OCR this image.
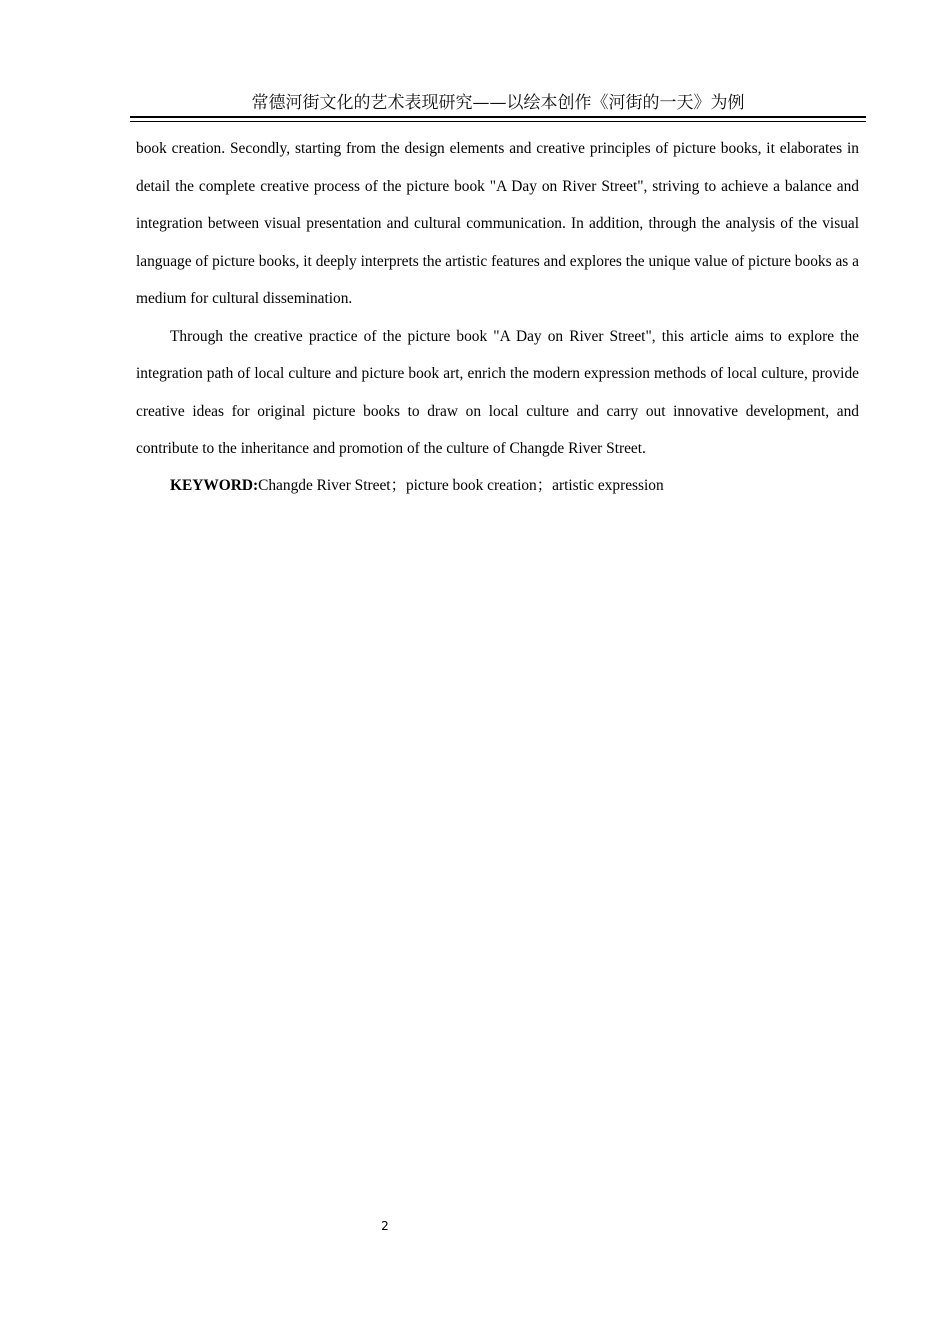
常德河街文化的艺术表现研究——以绘本创作《河街的一天》为例

book creation. Secondly, starting from the design elements and creative principles of picture books, it elaborates in detail the complete creative process of the picture book "A Day on River Street", striving to achieve a balance and integration between visual presentation and cultural communication. In addition, through the analysis of the visual language of picture books, it deeply interprets the artistic features and explores the unique value of picture books as a medium for cultural dissemination.

Through the creative practice of the picture book "A Day on River Street", this article aims to explore the integration path of local culture and picture book art, enrich the modern expression methods of local culture, provide creative ideas for original picture books to draw on local culture and carry out innovative development, and contribute to the inheritance and promotion of the culture of Changde River Street.

KEYWORD:Changde River Street；picture book creation；artistic expression

2
